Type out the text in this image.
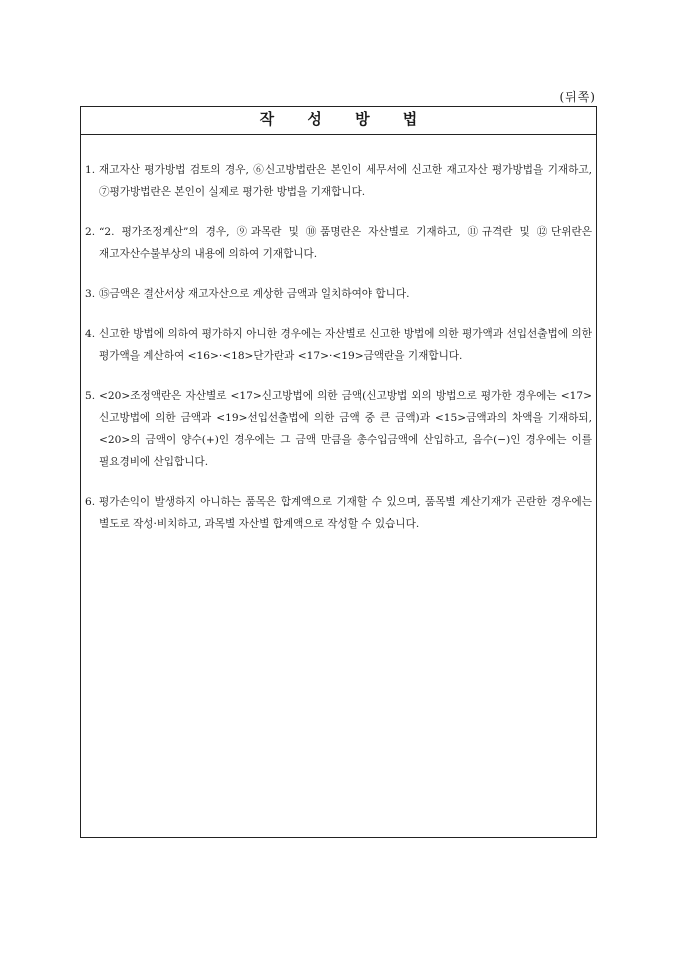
(뒤쪽)
작 성 방 법
1. 재고자산 평가방법 검토의 경우, ⑥신고방법란은 본인이 세무서에 신고한 재고자산 평가방법을 기재하고, ⑦평가방법란은 본인이 실제로 평가한 방법을 기재합니다.
2. “2. 평가조정계산”의 경우, ⑨과목란 및 ⑩품명란은 자산별로 기재하고, ⑪규격란 및 ⑫단위란은 재고자산수불부상의 내용에 의하여 기재합니다.
3. ⑮금액은 결산서상 재고자산으로 계상한 금액과 일치하여야 합니다.
4. 신고한 방법에 의하여 평가하지 아니한 경우에는 자산별로 신고한 방법에 의한 평가액과 선입선출법에 의한 평가액을 계산하여 <16>·<18>단가란과 <17>·<19>금액란을 기재합니다.
5. <20>조정액란은 자산별로 <17>신고방법에 의한 금액(신고방법 외의 방법으로 평가한 경우에는 <17>신고방법에 의한 금액과 <19>선입선출법에 의한 금액 중 큰 금액)과 <15>금액과의 차액을 기재하되, <20>의 금액이 양수(+)인 경우에는 그 금액 만큼을 총수입금액에 산입하고, 음수(−)인 경우에는 이를 필요경비에 산입합니다.
6. 평가손익이 발생하지 아니하는 품목은 합계액으로 기재할 수 있으며, 품목별 계산기재가 곤란한 경우에는 별도로 작성·비치하고, 과목별 자산별 합계액으로 작성할 수 있습니다.
